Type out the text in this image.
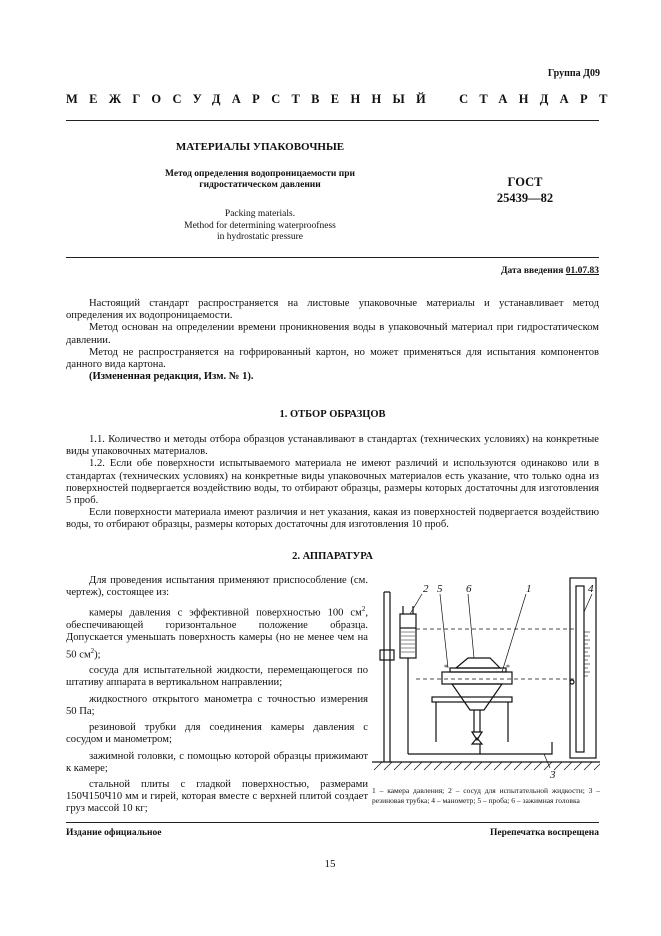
Группа Д09
МЕЖГОСУДАРСТВЕННЫЙ СТАНДАРТ
МАТЕРИАЛЫ УПАКОВОЧНЫЕ
Метод определения водопроницаемости при
гидростатическом давлении
Packing materials.
Method for determining waterproofness
in hydrostatic pressure
ГОСТ
25439—82
Дата введения 01.07.83

Настоящий стандарт распространяется на листовые упаковочные материалы и устанавливает метод определения их водопроницаемости.

Метод основан на определении времени проникновения воды в упаковочный материал при гидростатическом давлении.

Метод не распространяется на гофрированный картон, но может применяться для испытания компонентов данного вида картона.

(Измененная редакция, Изм. № 1).

1. ОТБОР ОБРАЗЦОВ

1.1. Количество и методы отбора образцов устанавливают в стандартах (технических условиях) на конкретные виды упаковочных материалов.

1.2. Если обе поверхности испытываемого материала не имеют различий и используются одинаково или в стандартах (технических условиях) на конкретные виды упаковочных материалов есть указание, что только одна из поверхностей подвергается воздействию воды, то отбирают образцы, размеры которых достаточны для изготовления 5 проб.

Если поверхности материала имеют различия и нет указания, какая из поверхностей подвергается воздействию воды, то отбирают образцы, размеры которых достаточны для изготовления 10 проб.

2. АППАРАТУРА

Для проведения испытания применяют приспособление (см. чертеж), состоящее из:

камеры давления с эффективной поверхностью 100 $см^2$, обеспечивающей горизонтальное положение образца. Допускается уменьшать поверхность камеры (но не менее чем на 50 $см^2$);

сосуда для испытательной жидкости, перемещающегося по штативу аппарата в вертикальном направлении;

жидкостного открытого манометра с точностью измерения 50 Па;

резиновой трубки для соединения камеры давления с сосудом и манометром;

зажимной головки, с помощью которой образцы прижимают к камере;

стальной плиты с гладкой поверхностью, размерами 150Ч150Ч10 мм и гирей, которая вместе с верхней плитой создает груз массой 10 кг;

*	*
2 5 6	1	4
3
1 – камера давления; 2 – сосуд для испытательной жидкости; 3 – резиновая трубка; 4 – манометр; 5 – проба; 6 – зажимная головка
Издание официальное	Перепечатка воспрещена
15
